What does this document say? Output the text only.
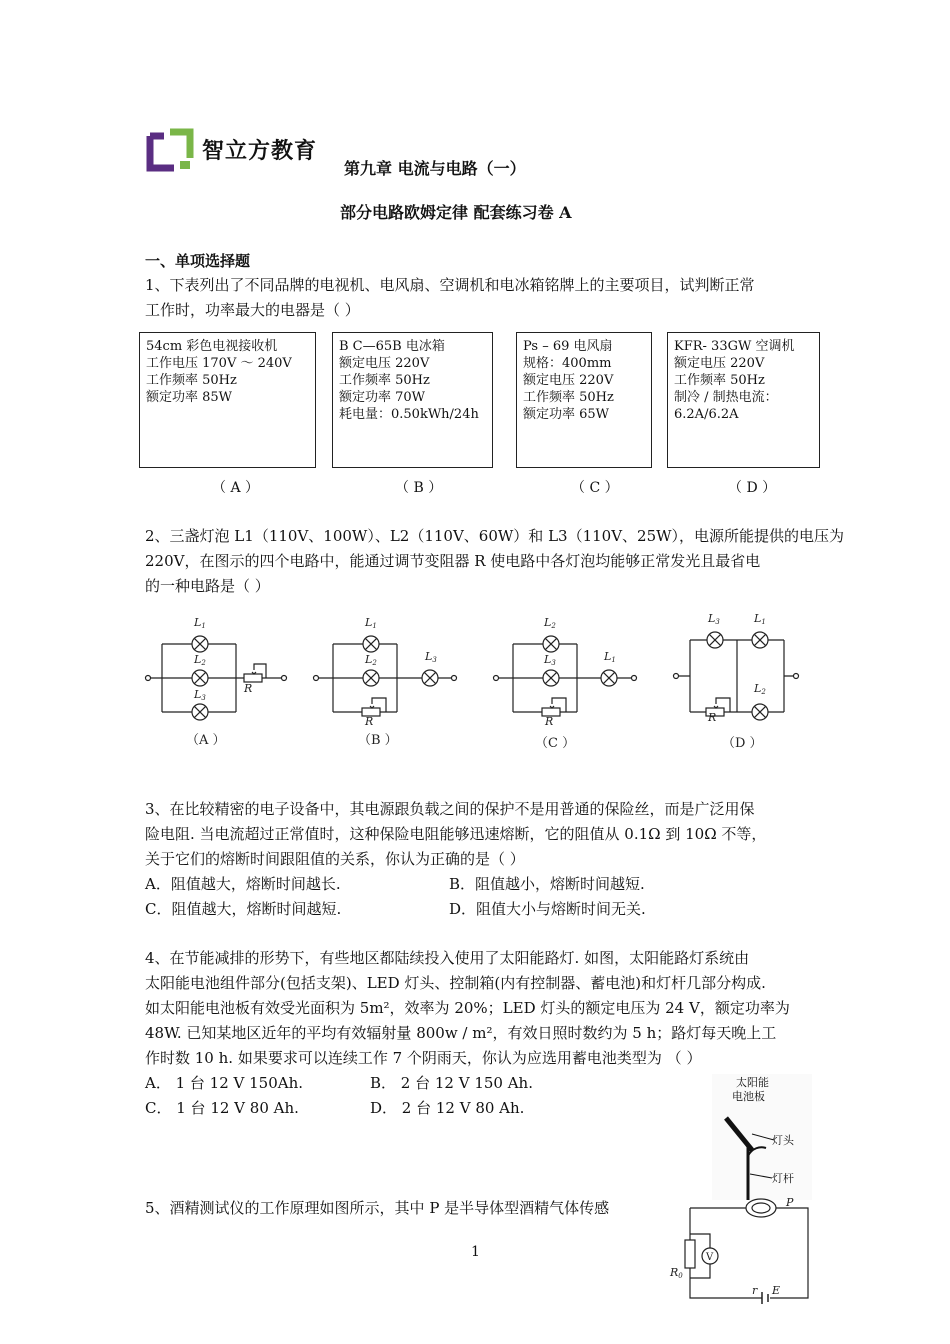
智立方教育
第九章 电流与电路（一）
部分电路欧姆定律 配套练习卷 A
一、单项选择题
1、下表列出了不同品牌的电视机、电风扇、空调机和电冰箱铭牌上的主要项目，试判断正常
工作时，功率最大的电器是（ ）
54cm 彩色电视接收机
工作电压 170V ～ 240V
工作频率 50Hz
额定功率 85W
B C—65B 电冰箱
额定电压 220V
工作频率 50Hz
额定功率 70W
耗电量：0.50kWh/24h
Ps – 69 电风扇
规格：400mm
额定电压 220V
工作频率 50Hz
额定功率 65W
KFR- 33GW 空调机
额定电压 220V
工作频率 50Hz
制冷 / 制热电流：
6.2A/6.2A
（ A ）	（ B ）	（ C ）	（ D ）
2、三盏灯泡 L1（110V、100W）、L2（110V、60W）和 L3（110V、25W），电源所能提供的电压为
220V，在图示的四个电路中，能通过调节变阻器 R 使电路中各灯泡均能够正常发光且最省电
的一种电路是（ ）
L1
L2
L3
R
L1
L2	L3
R
L2
L3	L1
R
L3	L1
L2
R
（A ）	（B ）	（C ）	（D ）
3、在比较精密的电子设备中，其电源跟负载之间的保护不是用普通的保险丝，而是广泛用保
险电阻. 当电流超过正常值时，这种保险电阻能够迅速熔断，它的阻值从 0.1Ω 到 10Ω 不等，
关于它们的熔断时间跟阻值的关系，你认为正确的是（ ）
A．阻值越大，熔断时间越长.	B．阻值越小，熔断时间越短.
C．阻值越大，熔断时间越短.	D．阻值大小与熔断时间无关.
4、在节能减排的形势下，有些地区都陆续投入使用了太阳能路灯. 如图，太阳能路灯系统由
太阳能电池组件部分(包括支架)、LED 灯头、控制箱(内有控制器、蓄电池)和灯杆几部分构成.
如太阳能电池板有效受光面积为 5m²，效率为 20%；LED 灯头的额定电压为 24 V，额定功率为
48W. 已知某地区近年的平均有效辐射量 800w / m²，有效日照时数约为 5 h；路灯每天晚上工
作时数 10 h. 如果要求可以连续工作 7 个阴雨天，你认为应选用蓄电池类型为 （ ）
A． 1 台 12 V 150Ah.	B． 2 台 12 V 150 Ah.
C． 1 台 12 V 80 Ah.	D． 2 台 12 V 80 Ah.
太阳能
电池板
灯头
灯杆
5、酒精测试仪的工作原理如图所示，其中 P 是半导体型酒精气体传感	P
R0
V
r E
1
